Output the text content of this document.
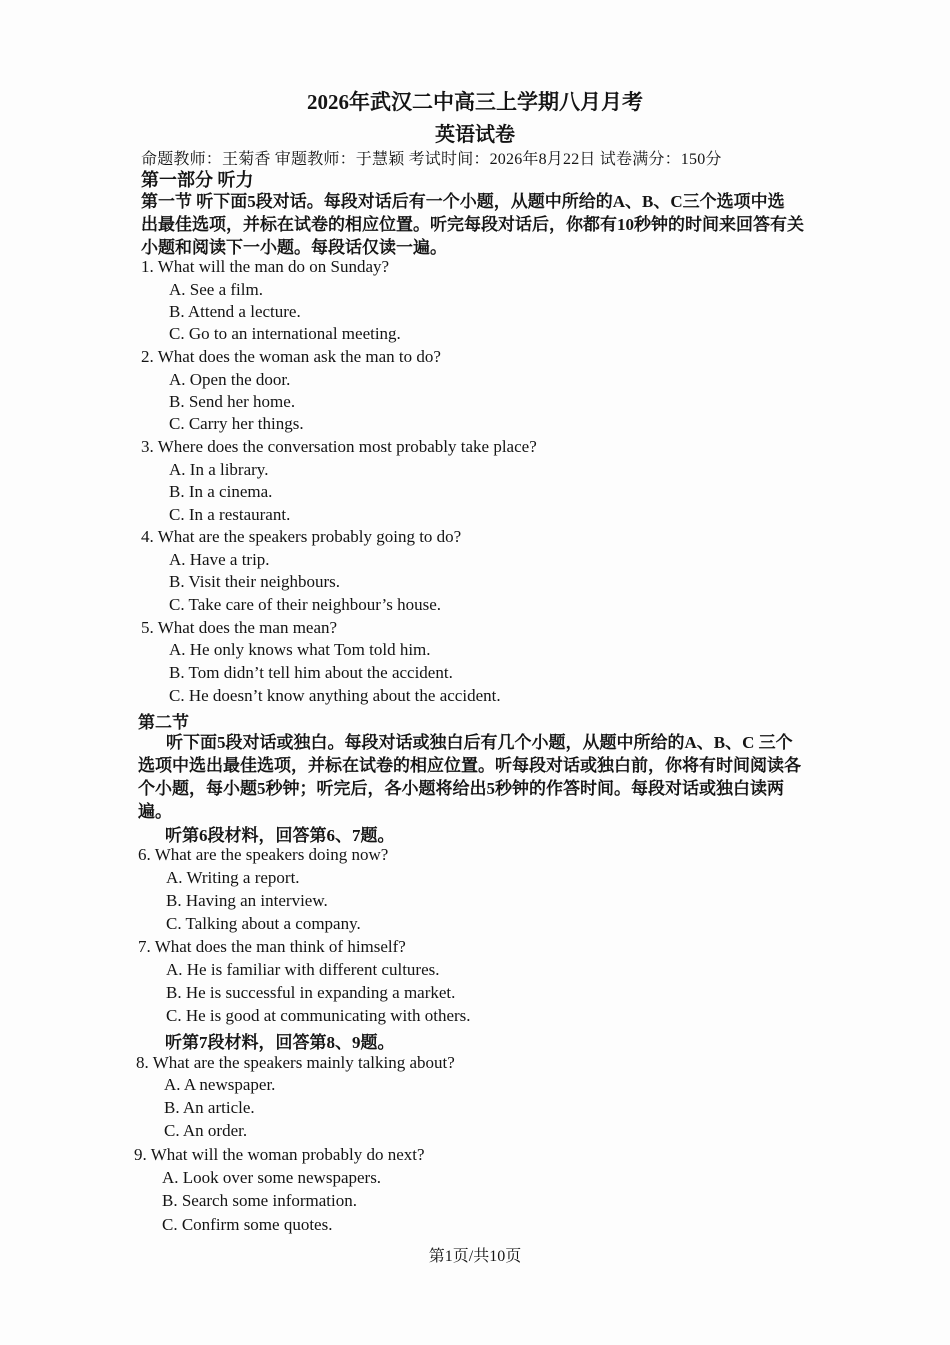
2026年武汉二中高三上学期八月月考
英语试卷
命题教师：王菊香 审题教师：于慧颖 考试时间：2026年8月22日 试卷满分：150分
第一部分 听力
第一节 听下面5段对话。每段对话后有一个小题，从题中所给的A、B、C三个选项中选
出最佳选项，并标在试卷的相应位置。听完每段对话后，你都有10秒钟的时间来回答有关
小题和阅读下一小题。每段话仅读一遍。
1. What will the man do on Sunday?
A. See a film.
B. Attend a lecture.
C. Go to an international meeting.
2. What does the woman ask the man to do?
A. Open the door.
B. Send her home.
C. Carry her things.
3. Where does the conversation most probably take place?
A. In a library.
B. In a cinema.
C. In a restaurant.
4. What are the speakers probably going to do?
A. Have a trip.
B. Visit their neighbours.
C. Take care of their neighbour’s house.
5. What does the man mean?
A. He only knows what Tom told him.
B. Tom didn’t tell him about the accident.
C. He doesn’t know anything about the accident.
第二节
听下面5段对话或独白。每段对话或独白后有几个小题，从题中所给的A、B、C 三个
选项中选出最佳选项，并标在试卷的相应位置。听每段对话或独白前，你将有时间阅读各
个小题，每小题5秒钟；听完后，各小题将给出5秒钟的作答时间。每段对话或独白读两
遍。
听第6段材料，回答第6、7题。
6. What are the speakers doing now?
A. Writing a report.
B. Having an interview.
C. Talking about a company.
7. What does the man think of himself?
A. He is familiar with different cultures.
B. He is successful in expanding a market.
C. He is good at communicating with others.
听第7段材料，回答第8、9题。
8. What are the speakers mainly talking about?
A. A newspaper.
B. An article.
C. An order.
9. What will the woman probably do next?
A. Look over some newspapers.
B. Search some information.
C. Confirm some quotes.
第1页/共10页
